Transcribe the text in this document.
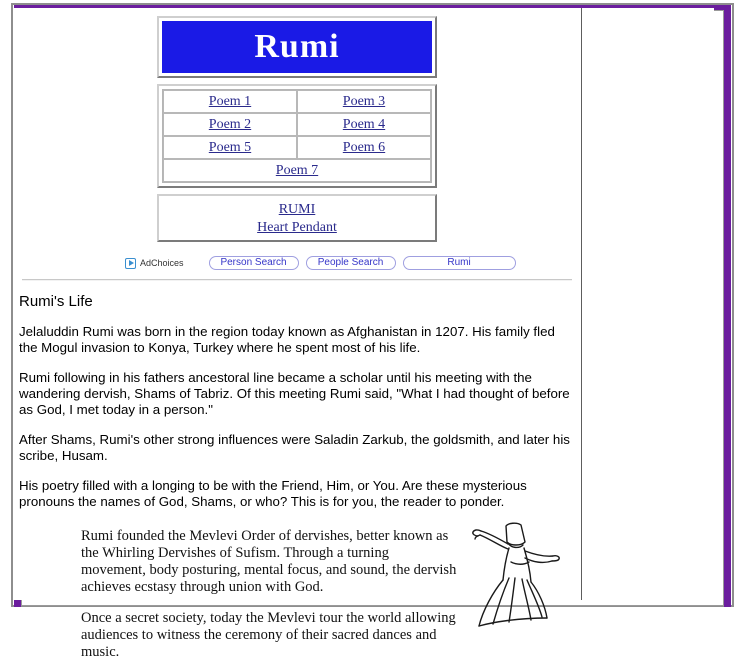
Rumi
Poem 1	Poem 3
Poem 2	Poem 4
Poem 5	Poem 6
Poem 7	
RUMI
Heart Pendant
AdChoices	Person Search	People Search	Rumi
Rumi's Life

Jelaluddin Rumi was born in the region today known as Afghanistan in 1207. His family fled the Mogul invasion to Konya, Turkey where he spent most of his life.

Rumi following in his fathers ancestoral line became a scholar until his meeting with the wandering dervish, Shams of Tabriz. Of this meeting Rumi said, "What I had thought of before as God, I met today in a person."

After Shams, Rumi's other strong influences were Saladin Zarkub, the goldsmith, and later his scribe, Husam.

His poetry filled with a longing to be with the Friend, Him, or You. Are these mysterious pronouns the names of God, Shams, or who? This is for you, the reader to ponder.

Rumi founded the Mevlevi Order of dervishes, better known as the Whirling Dervishes of Sufism. Through a turning movement, body posturing, mental focus, and sound, the dervish achieves ecstasy through union with God.

Once a secret society, today the Mevlevi tour the world allowing audiences to witness the ceremony of their sacred dances and music.
